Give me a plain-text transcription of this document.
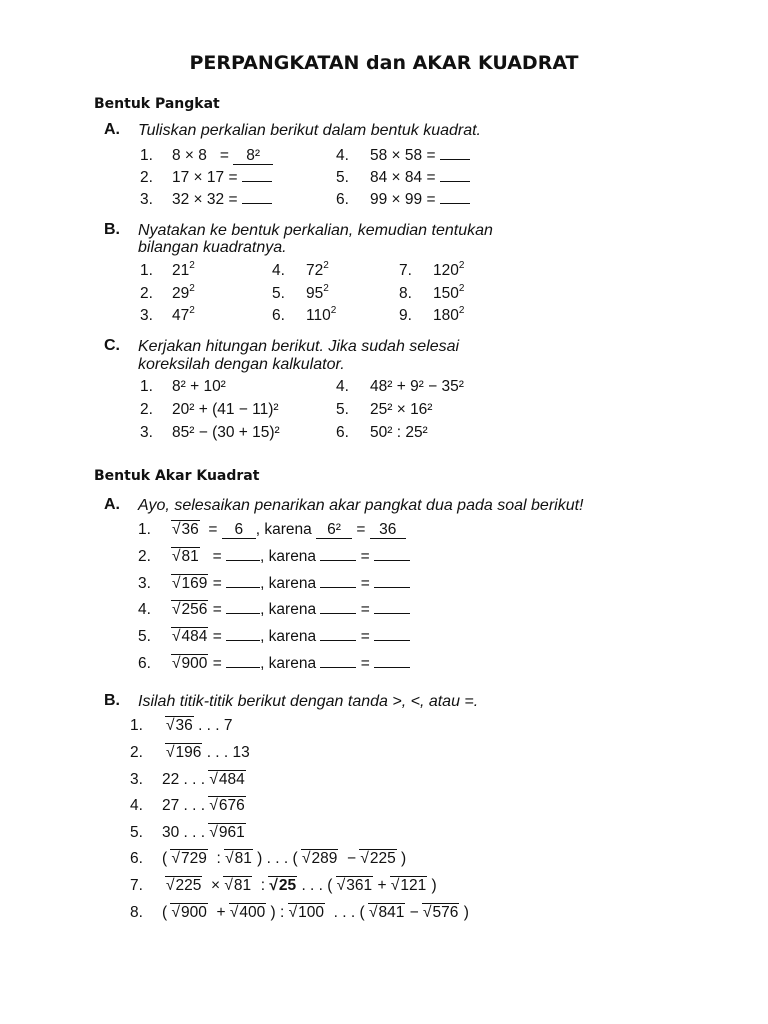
PERPANGKATAN dan AKAR KUADRAT
Bentuk Pangkat
A. Tuliskan perkalian berikut dalam bentuk kuadrat.
1. 8 × 8   = 8²
2. 17 × 17 =
3. 32 × 32 =
4. 58 × 58 =
5. 84 × 84 =
6. 99 × 99 =
B. Nyatakan ke bentuk perkalian, kemudian tentukan
bilangan kuadratnya.
1. $21^2$
2. $29^2$
3. $47^2$
4. $72^2$
5. $95^2$
6. $110^2$
7. $120^2$
8. $150^2$
9. $180^2$
C. Kerjakan hitungan berikut. Jika sudah selesai
koreksilah dengan kalkulator.
1. 8² + 10²
2. 20² + (41 − 11)²
3. 85² − (30 + 15)²
4. 48² + 9² − 35²
5. 25² × 16²
6. 50² : 25²
Bentuk Akar Kuadrat
A. Ayo, selesaikan penarikan akar pangkat dua pada soal berikut!
1.	√ 36  = 6 , karena 6² = 36
2.	√ 81   = , karena	=
3.	√ 169 = , karena	=
4.	√ 256 = , karena	=
5.	√ 484 = , karena	=
6.	√ 900 = , karena	=
B. Isilah titik-titik berikut dengan tanda >, <, atau =.
1.	√ 36 . . . 7
2.	√ 196 . . . 13
3. 22 . . . √ 484
4. 27 . . . √ 676
5. 30 . . . √ 961
6. ( √ 729  : √ 81 ) . . . ( √ 289  − √ 225 )
7.	√ 225  × √ 81  : √ 25 . . . ( √ 361 + √ 121 )
8. ( √ 900  + √ 400 ) : √ 100  . . . ( √ 841 − √ 576 )
